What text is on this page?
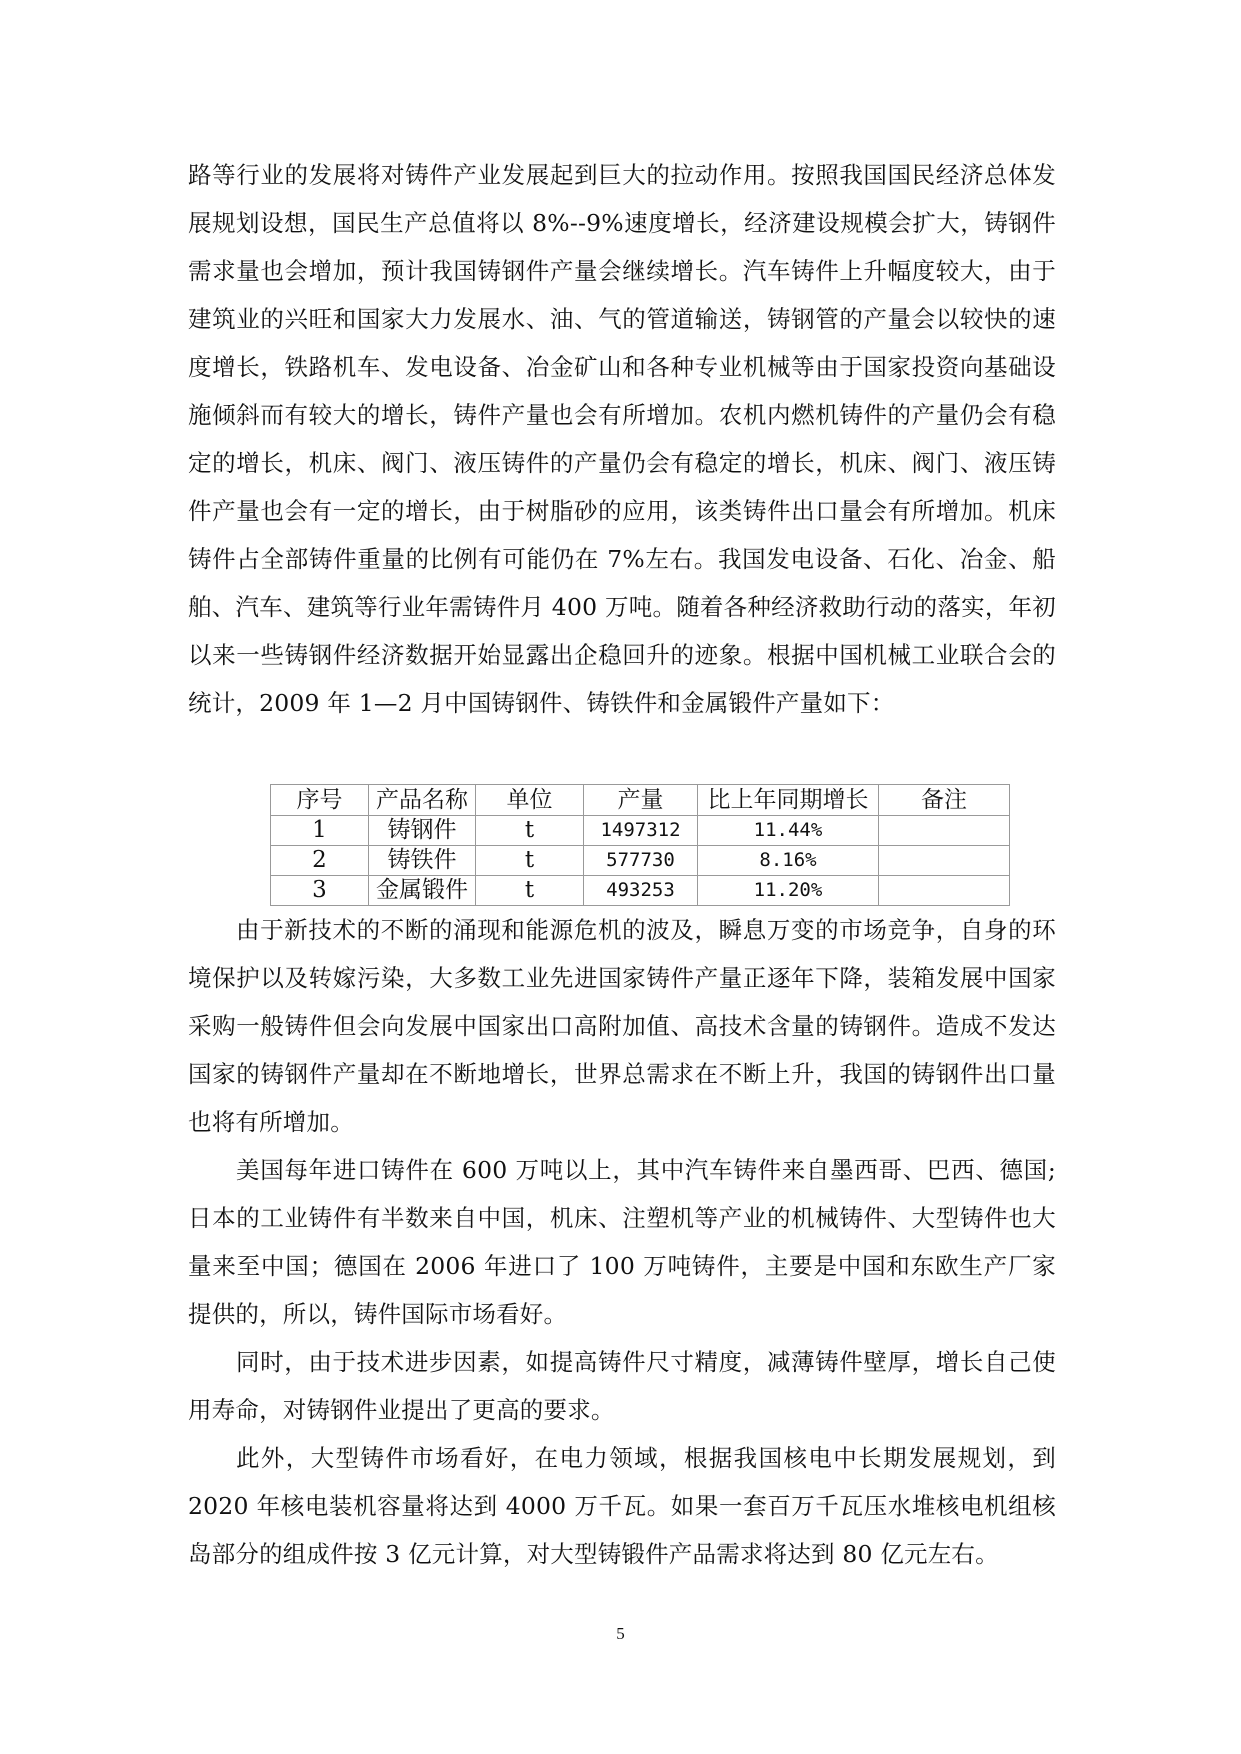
路等行业的发展将对铸件产业发展起到巨大的拉动作用。按照我国国民经济总体发展规划设想，国民生产总值将以 8%--9%速度增长，经济建设规模会扩大，铸钢件需求量也会增加，预计我国铸钢件产量会继续增长。汽车铸件上升幅度较大，由于建筑业的兴旺和国家大力发展水、油、气的管道输送，铸钢管的产量会以较快的速度增长，铁路机车、发电设备、冶金矿山和各种专业机械等由于国家投资向基础设施倾斜而有较大的增长，铸件产量也会有所增加。农机内燃机铸件的产量仍会有稳定的增长，机床、阀门、液压铸件的产量仍会有稳定的增长，机床、阀门、液压铸件产量也会有一定的增长，由于树脂砂的应用，该类铸件出口量会有所增加。机床铸件占全部铸件重量的比例有可能仍在 7%左右。我国发电设备、石化、冶金、船舶、汽车、建筑等行业年需铸件月 400 万吨。随着各种经济救助行动的落实，年初以来一些铸钢件经济数据开始显露出企稳回升的迹象。根据中国机械工业联合会的统计，2009 年 1—2 月中国铸钢件、铸铁件和金属锻件产量如下：

序号	产品名称	单位	产量	比上年同期增长	备注
1	铸钢件	t	1497312	11.44%	
2	铸铁件	t	577730	8.16%	
3	金属锻件	t	493253	11.20%	

由于新技术的不断的涌现和能源危机的波及，瞬息万变的市场竞争，自身的环境保护以及转嫁污染，大多数工业先进国家铸件产量正逐年下降，装箱发展中国家采购一般铸件但会向发展中国家出口高附加值、高技术含量的铸钢件。造成不发达国家的铸钢件产量却在不断地增长，世界总需求在不断上升，我国的铸钢件出口量也将有所增加。

美国每年进口铸件在 600 万吨以上，其中汽车铸件来自墨西哥、巴西、德国;日本的工业铸件有半数来自中国，机床、注塑机等产业的机械铸件、大型铸件也大量来至中国；德国在 2006 年进口了 100 万吨铸件，主要是中国和东欧生产厂家提供的，所以，铸件国际市场看好。

同时，由于技术进步因素，如提高铸件尺寸精度，减薄铸件壁厚，增长自己使用寿命，对铸钢件业提出了更高的要求。

此外，大型铸件市场看好，在电力领域，根据我国核电中长期发展规划，到 2020 年核电装机容量将达到 4000 万千瓦。如果一套百万千瓦压水堆核电机组核岛部分的组成件按 3 亿元计算，对大型铸锻件产品需求将达到 80 亿元左右。

5
